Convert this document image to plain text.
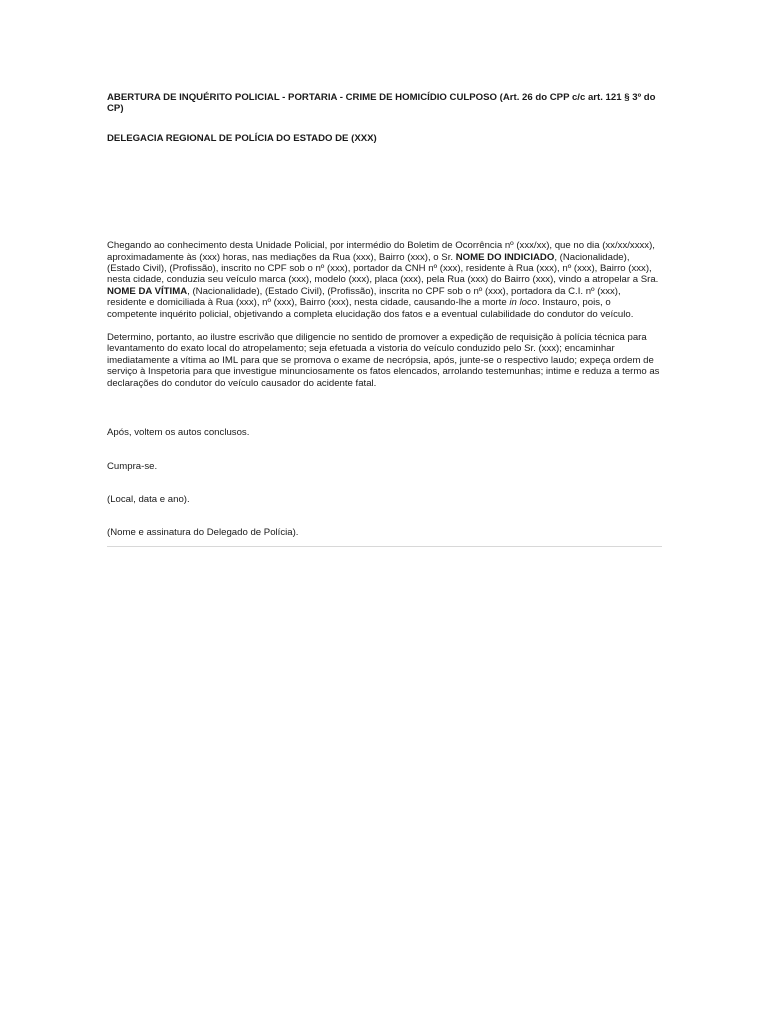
ABERTURA DE INQUÉRITO POLICIAL - PORTARIA - CRIME DE HOMICÍDIO CULPOSO (Art. 26 do CPP c/c art. 121 § 3º do CP)

DELEGACIA REGIONAL DE POLÍCIA DO ESTADO DE (XXX)

Chegando ao conhecimento desta Unidade Policial, por intermédio do Boletim de Ocorrência nº (xxx/xx), que no dia (xx/xx/xxxx), aproximadamente às (xxx) horas, nas mediações da Rua (xxx), Bairro (xxx), o Sr. NOME DO INDICIADO, (Nacionalidade), (Estado Civil), (Profissão), inscrito no CPF sob o nº (xxx), portador da CNH nº (xxx), residente à Rua (xxx), nº (xxx), Bairro (xxx), nesta cidade, conduzia seu veículo marca (xxx), modelo (xxx), placa (xxx), pela Rua (xxx) do Bairro (xxx), vindo a atropelar a Sra. NOME DA VÍTIMA, (Nacionalidade), (Estado Civil), (Profissão), inscrita no CPF sob o nº (xxx), portadora da C.I. nº (xxx), residente e domiciliada à Rua (xxx), nº (xxx), Bairro (xxx), nesta cidade, causando-lhe a morte in loco. Instauro, pois, o competente inquérito policial, objetivando a completa elucidação dos fatos e a eventual culabilidade do condutor do veículo.

Determino, portanto, ao ilustre escrivão que diligencie no sentido de promover a expedição de requisição à polícia técnica para levantamento do exato local do atropelamento; seja efetuada a vistoria do veículo conduzido pelo Sr. (xxx); encaminhar imediatamente a vítima ao IML para que se promova o exame de necrópsia, após, junte-se o respectivo laudo; expeça ordem de serviço à Inspetoria para que investigue minunciosamente os fatos elencados, arrolando testemunhas; intime e reduza a termo as declarações do condutor do veículo causador do acidente fatal.

Após, voltem os autos conclusos.

Cumpra-se.

(Local, data e ano).

(Nome e assinatura do Delegado de Polícia).
